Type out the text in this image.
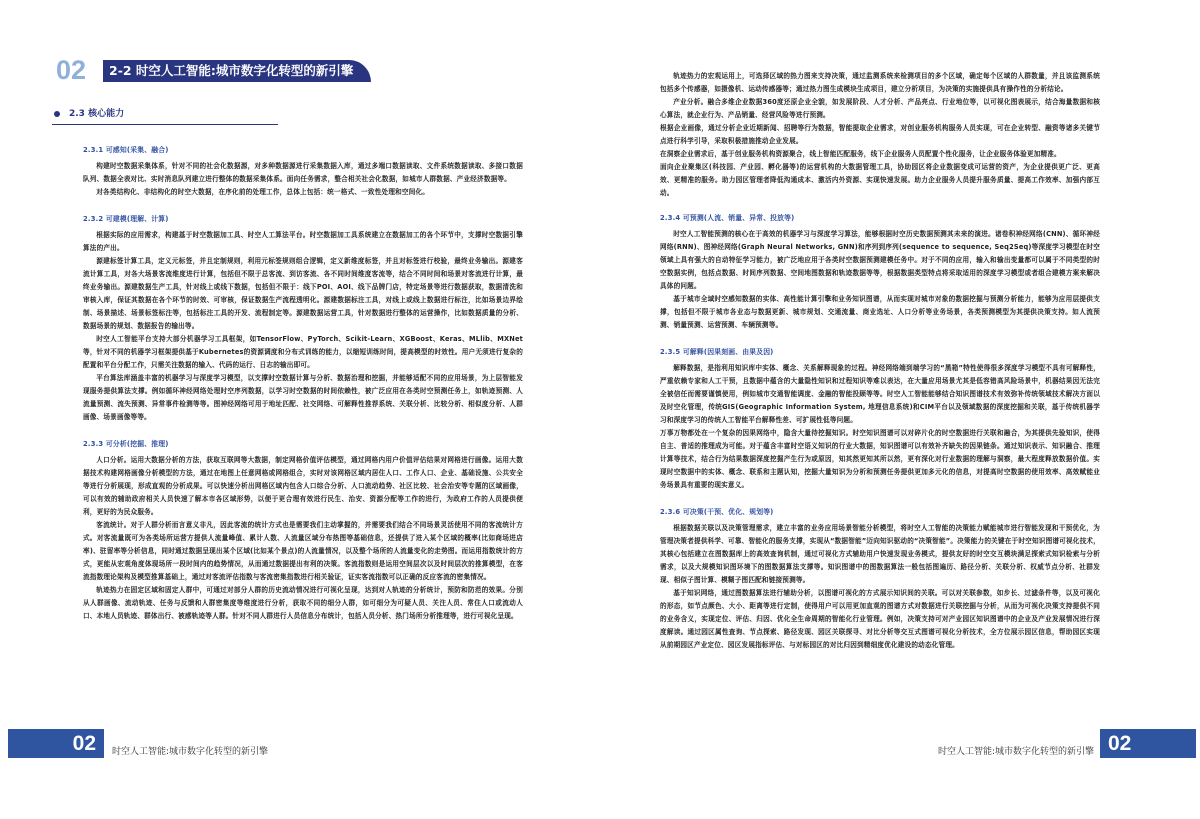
02	2-2 时空人工智能:城市数字化转型的新引擎
2.3 核心能力
2.3.1 可感知(采集、融合)

构建时空数据采集体系，针对不同的社会化数据源，对多种数据源进行采集数据入库，通过多端口数据读取、文件系统数据读取、多接口数据队列、数据全表对比、实时消息队列建立进行整体的数据采集体系。面向任务需求，整合相关社会化数据，如城市人群数据、产业经济数据等。

对各类结构化、非结构化的时空大数据，在序化前的处理工作，总体上包括：统一格式、一致性处理和空间化。

2.3.2 可建模(理解、计算)

根据实际的应用需求，构建基于时空数据加工具、时空人工算法平台。时空数据加工具系统建立在数据加工的各个环节中，支撑时空数据引擎算法的产出。

源建标签计算工具，定义元标签，并且定制规则，利用元标签规则组合逻辑，定义新维度标签，并且对标签进行校验，最终业务输出。源建客流计算工具，对各大场景客流维度进行计算，包括但不限于总客流、到访客流、各不同时间维度客流等，结合不同时间和场景对客流进行计算，最终业务输出。源建数据生产工具，针对线上或线下数据，包括但不限于：线下POI、AOI、线下品牌门店，特定场景等进行数据获取，数据清洗和审核入库，保证其数据在各个环节的时效、可审核，保证数据生产流程透明化。源建数据标注工具，对线上或线上数据进行标注，比如场景边界绘制、场景描述、场景标签标注等，包括标注工具的开发、流程制定等。源建数据运营工具，针对数据进行整体的运营操作，比如数据质量的分析、数据场景的规划、数据报告的输出等。

时空人工智能平台支持大部分机器学习工具框架，如TensorFlow、PyTorch、Scikit-Learn、XGBoost、Keras、MLlib、MXNet等，针对不同的机器学习框架提供基于Kubernetes的资源调度和分布式训练的能力，以缩短训练时间，提高模型的时效性。用户无须进行复杂的配置和平台分配工作，只需关注数据的输入、代码的运行、日志的输出即可。

平台算法库涵盖丰富的机器学习与深度学习模型，以支撑时空数据计算与分析、数据治理和挖掘，并能够适配不同的应用场景，为上层智能发现服务提供算法支撑。例如循环神经网络处理时空序列数据，以学习时空数据的时间依赖性，被广泛应用在各类时空预测任务上，如轨迹预测、人流量预测、流失预测、异常事件检测等等。图神经网络可用于地址匹配、社交网络、可解释性推荐系统、关联分析、比较分析、相似度分析、人群画像、场景画像等等。

2.3.3 可分析(挖掘、推理)

人口分析。运用大数据分析的方法，获取互联网等大数据，制定网格价值评估模型，通过网格内用户价值评估结果对网格进行画像。运用大数据技术构建网格画像分析模型的方法，通过在地图上任意网格或网格组合，实时对该网格区域内居住人口、工作人口、企业、基础设施、公共安全等进行分析展现，形成直观的分析成果。可以快速分析出网格区域内包含人口综合分析、人口流动趋势、社区比较、社会治安等专题的区域画像，可以有效的辅助政府相关人员快速了解本市各区域形势，以便于更合理有效进行民生、治安、资源分配等工作的进行，为政府工作的人员提供便利，更好的为民众服务。

客流统计。对于人群分析而言意义非凡，因此客流的统计方式也是需要我们主动掌握的，并需要我们结合不同场景灵活使用不同的客流统计方式。对客流量既可为各类场所运营方提供人流量峰值、累计人数、人流量区域分布热图等基础信息，还提供了进入某个区域的概率(比如商场进店率)、驻留率等分析信息，同时通过数据呈现出某个区域(比如某个景点)的人流量情况，以及整个场所的人流量变化的走势图。而运用指数统计的方式，更能从宏观角度体现场所一段时间内的趋势情况，从而通过数据提出有利的决策。客流指数则是运用空间层次以及时间层次的推算模型，在客流指数理论架构及模型推算基础上，通过对客流评估指数与客流密集指数进行相关验证，证实客流指数可以正确的反应客流的密集情况。

轨迹热力在固定区域和固定人群中，可通过对部分人群的历史流动情况进行可视化呈现，达到对人轨迹的分析统计，预防和防范的效果。分别从人群画像、流动轨迹、任务与反馈和人群密集度等维度进行分析，获取不同的细分人群，如可细分为可疑人员、关注人员、常住人口或流动人口、本地人员轨迹、群体出行、被感轨迹等人群。针对不同人群进行人员信息分布统计，包括人员分析、热门场所分析推理等，进行可视化呈现。

轨迹热力的宏观运用上，可选择区域的热力图来支持决策，通过监测系统来检测项目的多个区域，确定每个区域的人群数量，并且该监测系统包括多个传感器，如摄像机、运动传感器等；通过热力图生成模块生成项目，建立分析项目，为决策的实施提供具有操作性的分析结论。

产业分析。融合多维企业数据360度还原企业全貌，如发展阶段、人才分析、产品亮点、行业地位等，以可视化图表展示，结合海量数据和核心算法，就企业行为、产品销量、经营风险等进行预测。

根据企业画像，通过分析企业近期新闻、招聘等行为数据，智能提取企业需求，对创业服务机构服务人员实现，可在企业转型、融资等诸多关键节点进行科学引导，采取积极措施推动企业发展。

在洞察企业需求后，基于创业服务机构资源聚合，线上智能匹配服务，线下企业服务人员配置个性化服务，让企业服务体验更加精准。

面向企业聚集区(科技园、产业园、孵化器等)的运营机构的大数据管理工具，协助园区将企业数据变成可运营的资产，为企业提供更广泛、更高效、更精准的服务。助力园区管理者降低沟通成本、激活内外资源、实现快速发展。助力企业服务人员提升服务质量、提高工作效率、加强内部互动。

2.3.4 可预测(人流、销量、异常、投放等)

时空人工智能预测的核心在于高效的机器学习与深度学习算法，能够根据时空历史数据预测其未来的演进。诸卷积神经网络(CNN)、循环神经网络(RNN)、图神经网络(Graph Neural Networks, GNN)和序列到序列(sequence to sequence, Seq2Seq)等深度学习模型在时空领域上具有强大的自动特征学习能力，被广泛地应用于各类时空数据预测建模任务中。对于不同的应用，输入和输出变量都可以属于不同类型的时空数据实例，包括点数据、时间序列数据、空间地图数据和轨迹数据等等，根据数据类型特点将采取适用的深度学习模型或者组合建模方案来解决具体的问题。

基于城市全域时空感知数据的实体、高性能计算引擎和业务知识图谱，从而实现对城市对象的数据挖掘与预测分析能力，能够为应用层提供支撑，包括但不限于城市各业态与数据更新、城市规划、交通流量、商业选址、人口分析等业务场景，各类预测模型为其提供决策支持。如人流预测、销量预测、运营预测、车辆预测等。

2.3.5 可解释(因果刻画、由果及因)

解释数据，是指利用知识库中实体、概念、关系解释现象的过程。神经网络端到端学习的“黑箱”特性使得很多深度学习模型不具有可解释性，严重依赖专家和人工干预，且数据中蕴含的大量隐性知识和过程知识等难以表达，在大量应用场景尤其是低容错高风险场景中，机器结果因无法完全被信任而需要谨慎使用，例如城市交通智能调度、金融的智能投顾等等。时空人工智能能够结合知识图谱技术有效弥补传统领域技术解决方面以及时空化管理，传统GIS(Geographic Information System, 地理信息系统)和CIM平台以及领域数据的深度挖掘和关联，基于传统机器学习和深度学习的传统人工智能平台解释性差、可扩展性低等问题。

万事万物都处在一个复杂的因果网络中，隐含大量待挖掘知识。时空知识图谱可以对碎片化的时空数据进行关联和融合，为其提供先验知识，使得自主、普适的推理成为可能。对于蕴含丰富时空语义知识的行业大数据，知识图谱可以有效补齐缺失的因果链条。通过知识表示、知识融合、推理计算等技术，结合行为结果数据深度挖掘产生行为或原因，知其然更知其所以然，更有深化对行业数据的理解与洞察，最大程度释放数据价值。实现时空数据中的实体、概念、联系和主题认知，挖掘大量知识为分析和预测任务提供更加多元化的信息，对提高时空数据的使用效率、高效赋能业务场景具有重要的现实意义。

2.3.6 可决策(干预、优化、规划等)

根据数据关联以及决策管理需求，建立丰富的业务应用场景智能分析模型，将时空人工智能的决策能力赋能城市进行智能发现和干预优化，为管理决策者提供科学、可靠、智能化的服务支撑，实现从“数据智能”迈向知识驱动的“决策智能”。决策能力的关键在于时空知识图谱可视化技术，其核心包括建立在图数据库上的高效查询机制，通过可视化方式辅助用户快速发现业务模式，提供友好的时空交互模块满足探索式知识检索与分析需求，以及大规模知识图环境下的图数据算法支撑等。知识图谱中的图数据算法一般包括图遍历、路径分析、关联分析、权威节点分析、社群发现、相似子图计算、模糊子图匹配和链接预测等。

基于知识网络，通过图数据算法进行辅助分析，以图谱可视化的方式展示知识间的关联。可以对关联参数，如步长、过滤条件等，以及可视化的形态，如节点颜色、大小、距离等进行定制，使得用户可以用更加直观的图谱方式对数据进行关联挖掘与分析，从而为可视化决策支持提供不同的业务含义，实现定位、评估、归因、优化全生命周期的智能化行业管理。例如，决策支持可对产业园区知识图谱中的企业及产业发展情况进行深度解读。通过园区属性查询、节点探索、路径发现、园区关联探寻、对比分析等交互式图谱可视化分析技术，全方位展示园区信息，帮助园区实现从前期园区产业定位、园区发展指标评估、与对标园区的对比归因到精细度优化建设的动态化管理。

02	时空人工智能:城市数字化转型的新引擎	时空人工智能:城市数字化转型的新引擎 02
